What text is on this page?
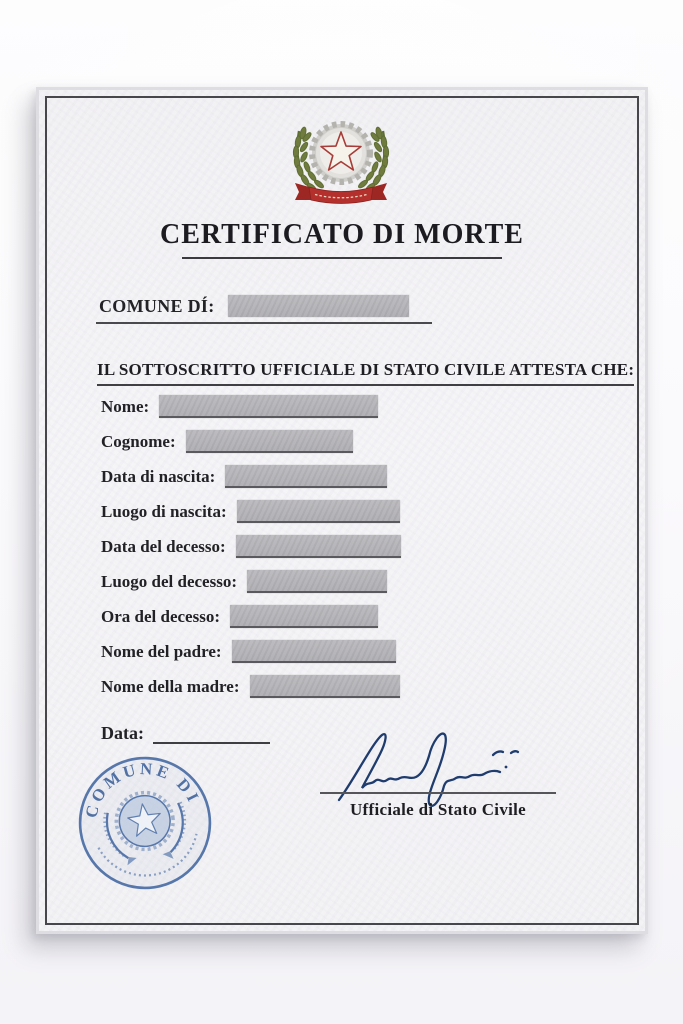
CERTIFICATO DI MORTE
COMUNE DÍ:
IL SOTTOSCRITTO UFFICIALE DI STATO CIVILE ATTESTA CHE:
Nome:
Cognome:
Data di nascita:
Luogo di nascita:
Data del decesso:
Luogo del decesso:
Ora del decesso:
Nome del padre:
Nome della madre:
Data:
Ufficiale di Stato Civile
COMUNE DI
